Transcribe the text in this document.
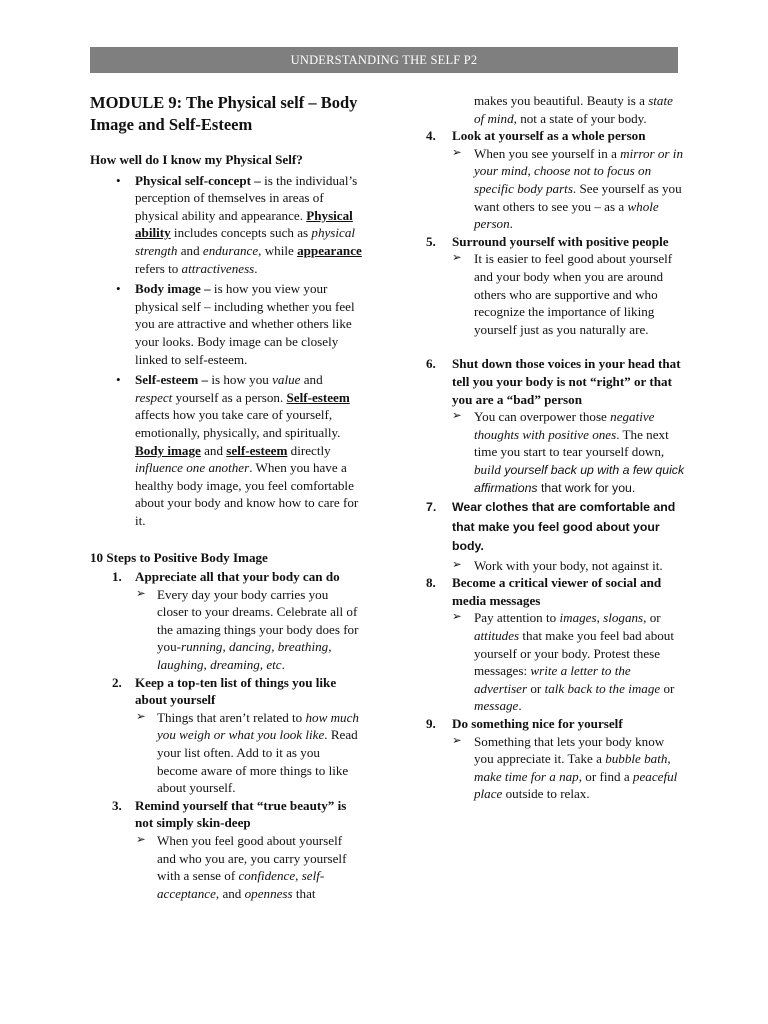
UNDERSTANDING THE SELF P2
MODULE 9: The Physical self – Body Image and Self-Esteem
How well do I know my Physical Self?
• Physical self-concept – is the individual’s perception of themselves in areas of physical ability and appearance. Physical ability includes concepts such as physical strength and endurance, while appearance refers to attractiveness.
• Body image – is how you view your physical self – including whether you feel you are attractive and whether others like your looks. Body image can be closely linked to self-esteem.
• Self-esteem – is how you value and respect yourself as a person. Self-esteem affects how you take care of yourself, emotionally, physically, and spiritually. Body image and self-esteem directly influence one another. When you have a healthy body image, you feel comfortable about your body and know how to care for it.
10 Steps to Positive Body Image
1. Appreciate all that your body can do
➢ Every day your body carries you closer to your dreams. Celebrate all of the amazing things your body does for you-running, dancing, breathing, laughing, dreaming, etc.
2. Keep a top-ten list of things you like about yourself
➢ Things that aren’t related to how much you weigh or what you look like. Read your list often. Add to it as you become aware of more things to like about yourself.
3. Remind yourself that “true beauty” is not simply skin-deep
➢ When you feel good about yourself and who you are, you carry yourself with a sense of confidence, self-acceptance, and openness that
makes you beautiful. Beauty is a state of mind, not a state of your body.
4. Look at yourself as a whole person
➢ When you see yourself in a mirror or in your mind, choose not to focus on specific body parts. See yourself as you want others to see you – as a whole person.
5. Surround yourself with positive people
➢ It is easier to feel good about yourself and your body when you are around others who are supportive and who recognize the importance of liking yourself just as you naturally are.
6. Shut down those voices in your head that tell you your body is not “right” or that you are a “bad” person
➢ You can overpower those negative thoughts with positive ones. The next time you start to tear yourself down, build yourself back up with a few quick affirmations that work for you.
7. Wear clothes that are comfortable and that make you feel good about your body.
➢ Work with your body, not against it.
8. Become a critical viewer of social and media messages
➢ Pay attention to images, slogans, or attitudes that make you feel bad about yourself or your body. Protest these messages: write a letter to the advertiser or talk back to the image or message.
9. Do something nice for yourself
➢ Something that lets your body know you appreciate it. Take a bubble bath, make time for a nap, or find a peaceful place outside to relax.
